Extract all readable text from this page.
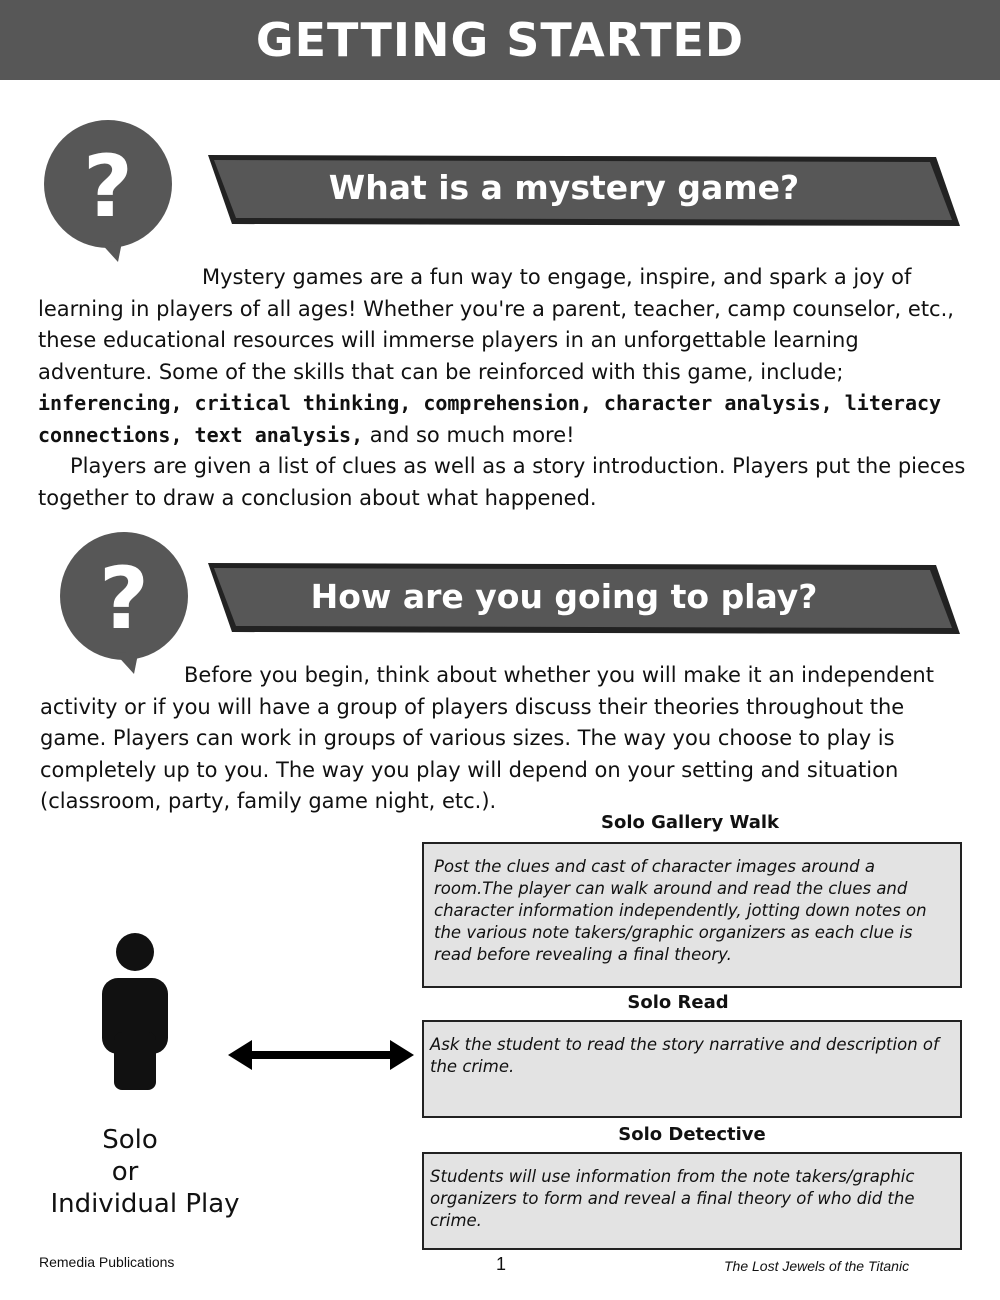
GETTING STARTED
?	What is a mystery game?

Mystery games are a fun way to engage, inspire, and spark a joy of learning in players of all ages! Whether you're a parent, teacher, camp counselor, etc., these educational resources will immerse players in an unforgettable learning adventure. Some of the skills that can be reinforced with this game, include; inferencing, critical thinking, comprehension, character analysis, literacy connections, text analysis, and so much more!

Players are given a list of clues as well as a story introduction. Players put the pieces together to draw a conclusion about what happened.

?	How are you going to play?

Before you begin, think about whether you will make it an independent activity or if you will have a group of players discuss their theories throughout the game. Players can work in groups of various sizes. The way you choose to play is completely up to you. The way you play will depend on your setting and situation (classroom, party, family game night, etc.).

Solo
or
Individual Play
Solo Gallery Walk
Post the clues and cast of character images around a room.The player can walk around and read the clues and character information independently, jotting down notes on the various note takers/graphic organizers as each clue is read before revealing a final theory.
Solo Read
Ask the student to read the story narrative and description of the crime.
Solo Detective
Students will use information from the note takers/graphic organizers to form and reveal a final theory of who did the crime.
Remedia Publications	1	The Lost Jewels of the Titanic
